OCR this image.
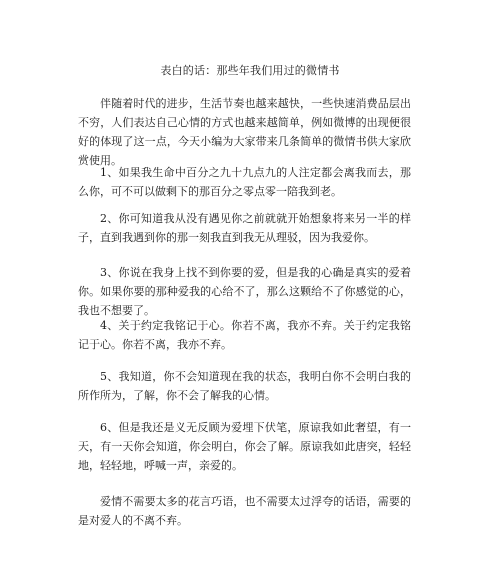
表白的话：那些年我们用过的微情书

伴随着时代的进步，生活节奏也越来越快，一些快速消费品层出不穷，人们表达自己心情的方式也越来越简单，例如微博的出现便很好的体现了这一点，今天小编为大家带来几条简单的微情书供大家欣赏使用。

1、如果我生命中百分之九十九点九的人注定都会离我而去，那么你，可不可以做剩下的那百分之零点零一陪我到老。

2、你可知道我从没有遇见你之前就就开始想象将来另一半的样子，直到我遇到你的那一刻我直到我无从理驳，因为我爱你。

3、你说在我身上找不到你要的爱，但是我的心确是真实的爱着你。如果你要的那种爱我的心给不了，那么这颗给不了你感觉的心，我也不想要了。

4、关于约定我铭记于心。你若不离，我亦不弃。关于约定我铭记于心。你若不离，我亦不弃。

5、我知道，你不会知道现在我的状态，我明白你不会明白我的所作所为，了解，你不会了解我的心情。

6、但是我还是义无反顾为爱埋下伏笔，原谅我如此奢望，有一天，有一天你会知道，你会明白，你会了解。原谅我如此唐突，轻轻地，轻轻地，呼喊一声，亲爱的。

爱情不需要太多的花言巧语，也不需要太过浮夸的话语，需要的是对爱人的不离不弃。
